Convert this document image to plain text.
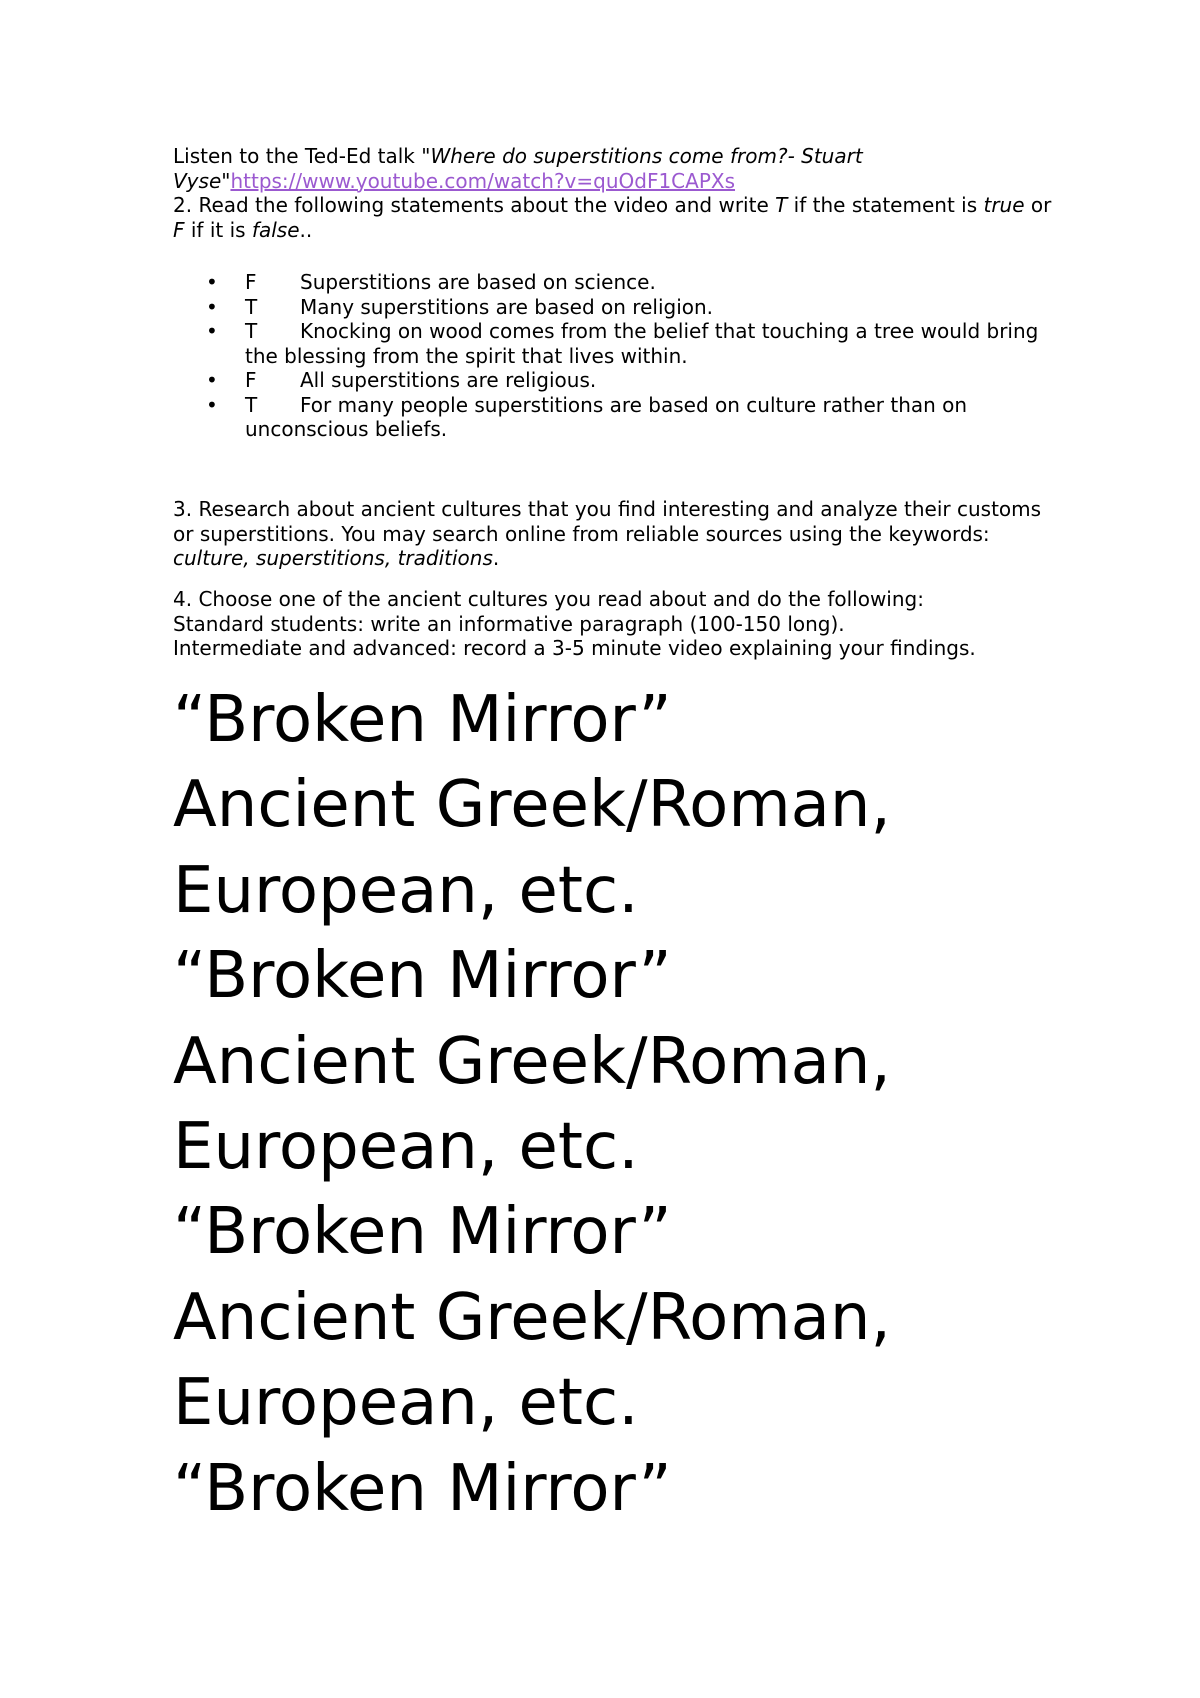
Listen to the Ted-Ed talk "Where do superstitions come from?- Stuart Vyse"https://www.youtube.com/watch?v=quOdF1CAPXs
2. Read the following statements about the video and write T if the statement is true or F if it is false..
• F Superstitions are based on science.
• T Many superstitions are based on religion.
• T Knocking on wood comes from the belief that touching a tree would bring the blessing from the spirit that lives within.
• F All superstitions are religious.
• T For many people superstitions are based on culture rather than on unconscious beliefs.
3. Research about ancient cultures that you find interesting and analyze their customs or superstitions. You may search online from reliable sources using the keywords: culture, superstitions, traditions.
4. Choose one of the ancient cultures you read about and do the following:
Standard students: write an informative paragraph (100-150 long).
Intermediate and advanced: record a 3-5 minute video explaining your findings.
“Broken Mirror”
Ancient Greek/Roman,
European, etc.
“Broken Mirror”
Ancient Greek/Roman,
European, etc.
“Broken Mirror”
Ancient Greek/Roman,
European, etc.
“Broken Mirror”
